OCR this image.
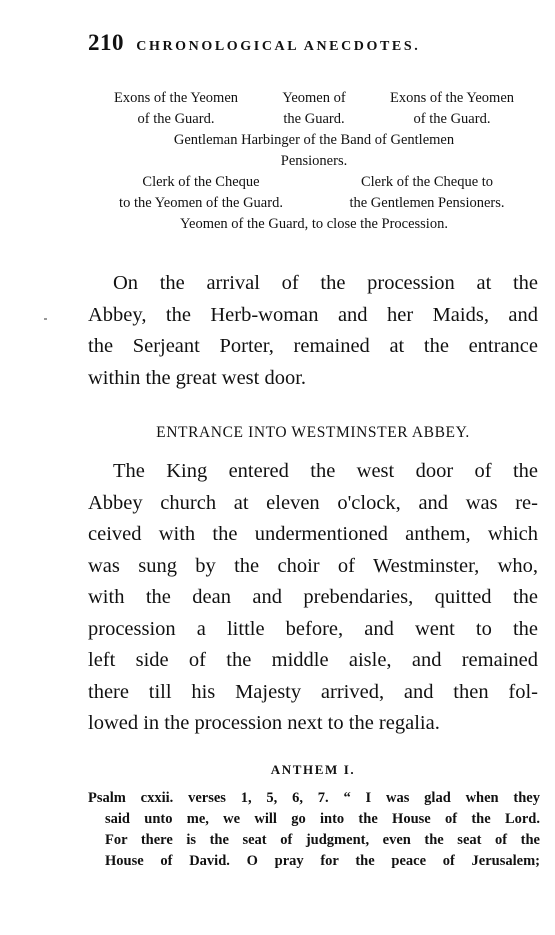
210 CHRONOLOGICAL ANECDOTES.
Exons of the Yeomen	Yeomen of	Exons of the Yeomen
of the Guard.	the Guard.	of the Guard.
Gentleman Harbinger of the Band of Gentlemen
Pensioners.
Clerk of the Cheque	Clerk of the Cheque to
to the Yeomen of the Guard.	the Gentlemen Pensioners.
Yeomen of the Guard, to close the Procession.
On the arrival of the procession at the
Abbey, the Herb-woman and her Maids, and
the Serjeant Porter, remained at the entrance
within the great west door.
ENTRANCE INTO WESTMINSTER ABBEY.
The King entered the west door of the
Abbey church at eleven o'clock, and was re-
ceived with the undermentioned anthem, which
was sung by the choir of Westminster, who,
with the dean and prebendaries, quitted the
procession a little before, and went to the
left side of the middle aisle, and remained
there till his Majesty arrived, and then fol-
lowed in the procession next to the regalia.
ANTHEM I.
Psalm cxxii. verses 1, 5, 6, 7. “ I was glad when they
said unto me, we will go into the House of the Lord.
For there is the seat of judgment, even the seat of the
House of David. O pray for the peace of Jerusalem;
